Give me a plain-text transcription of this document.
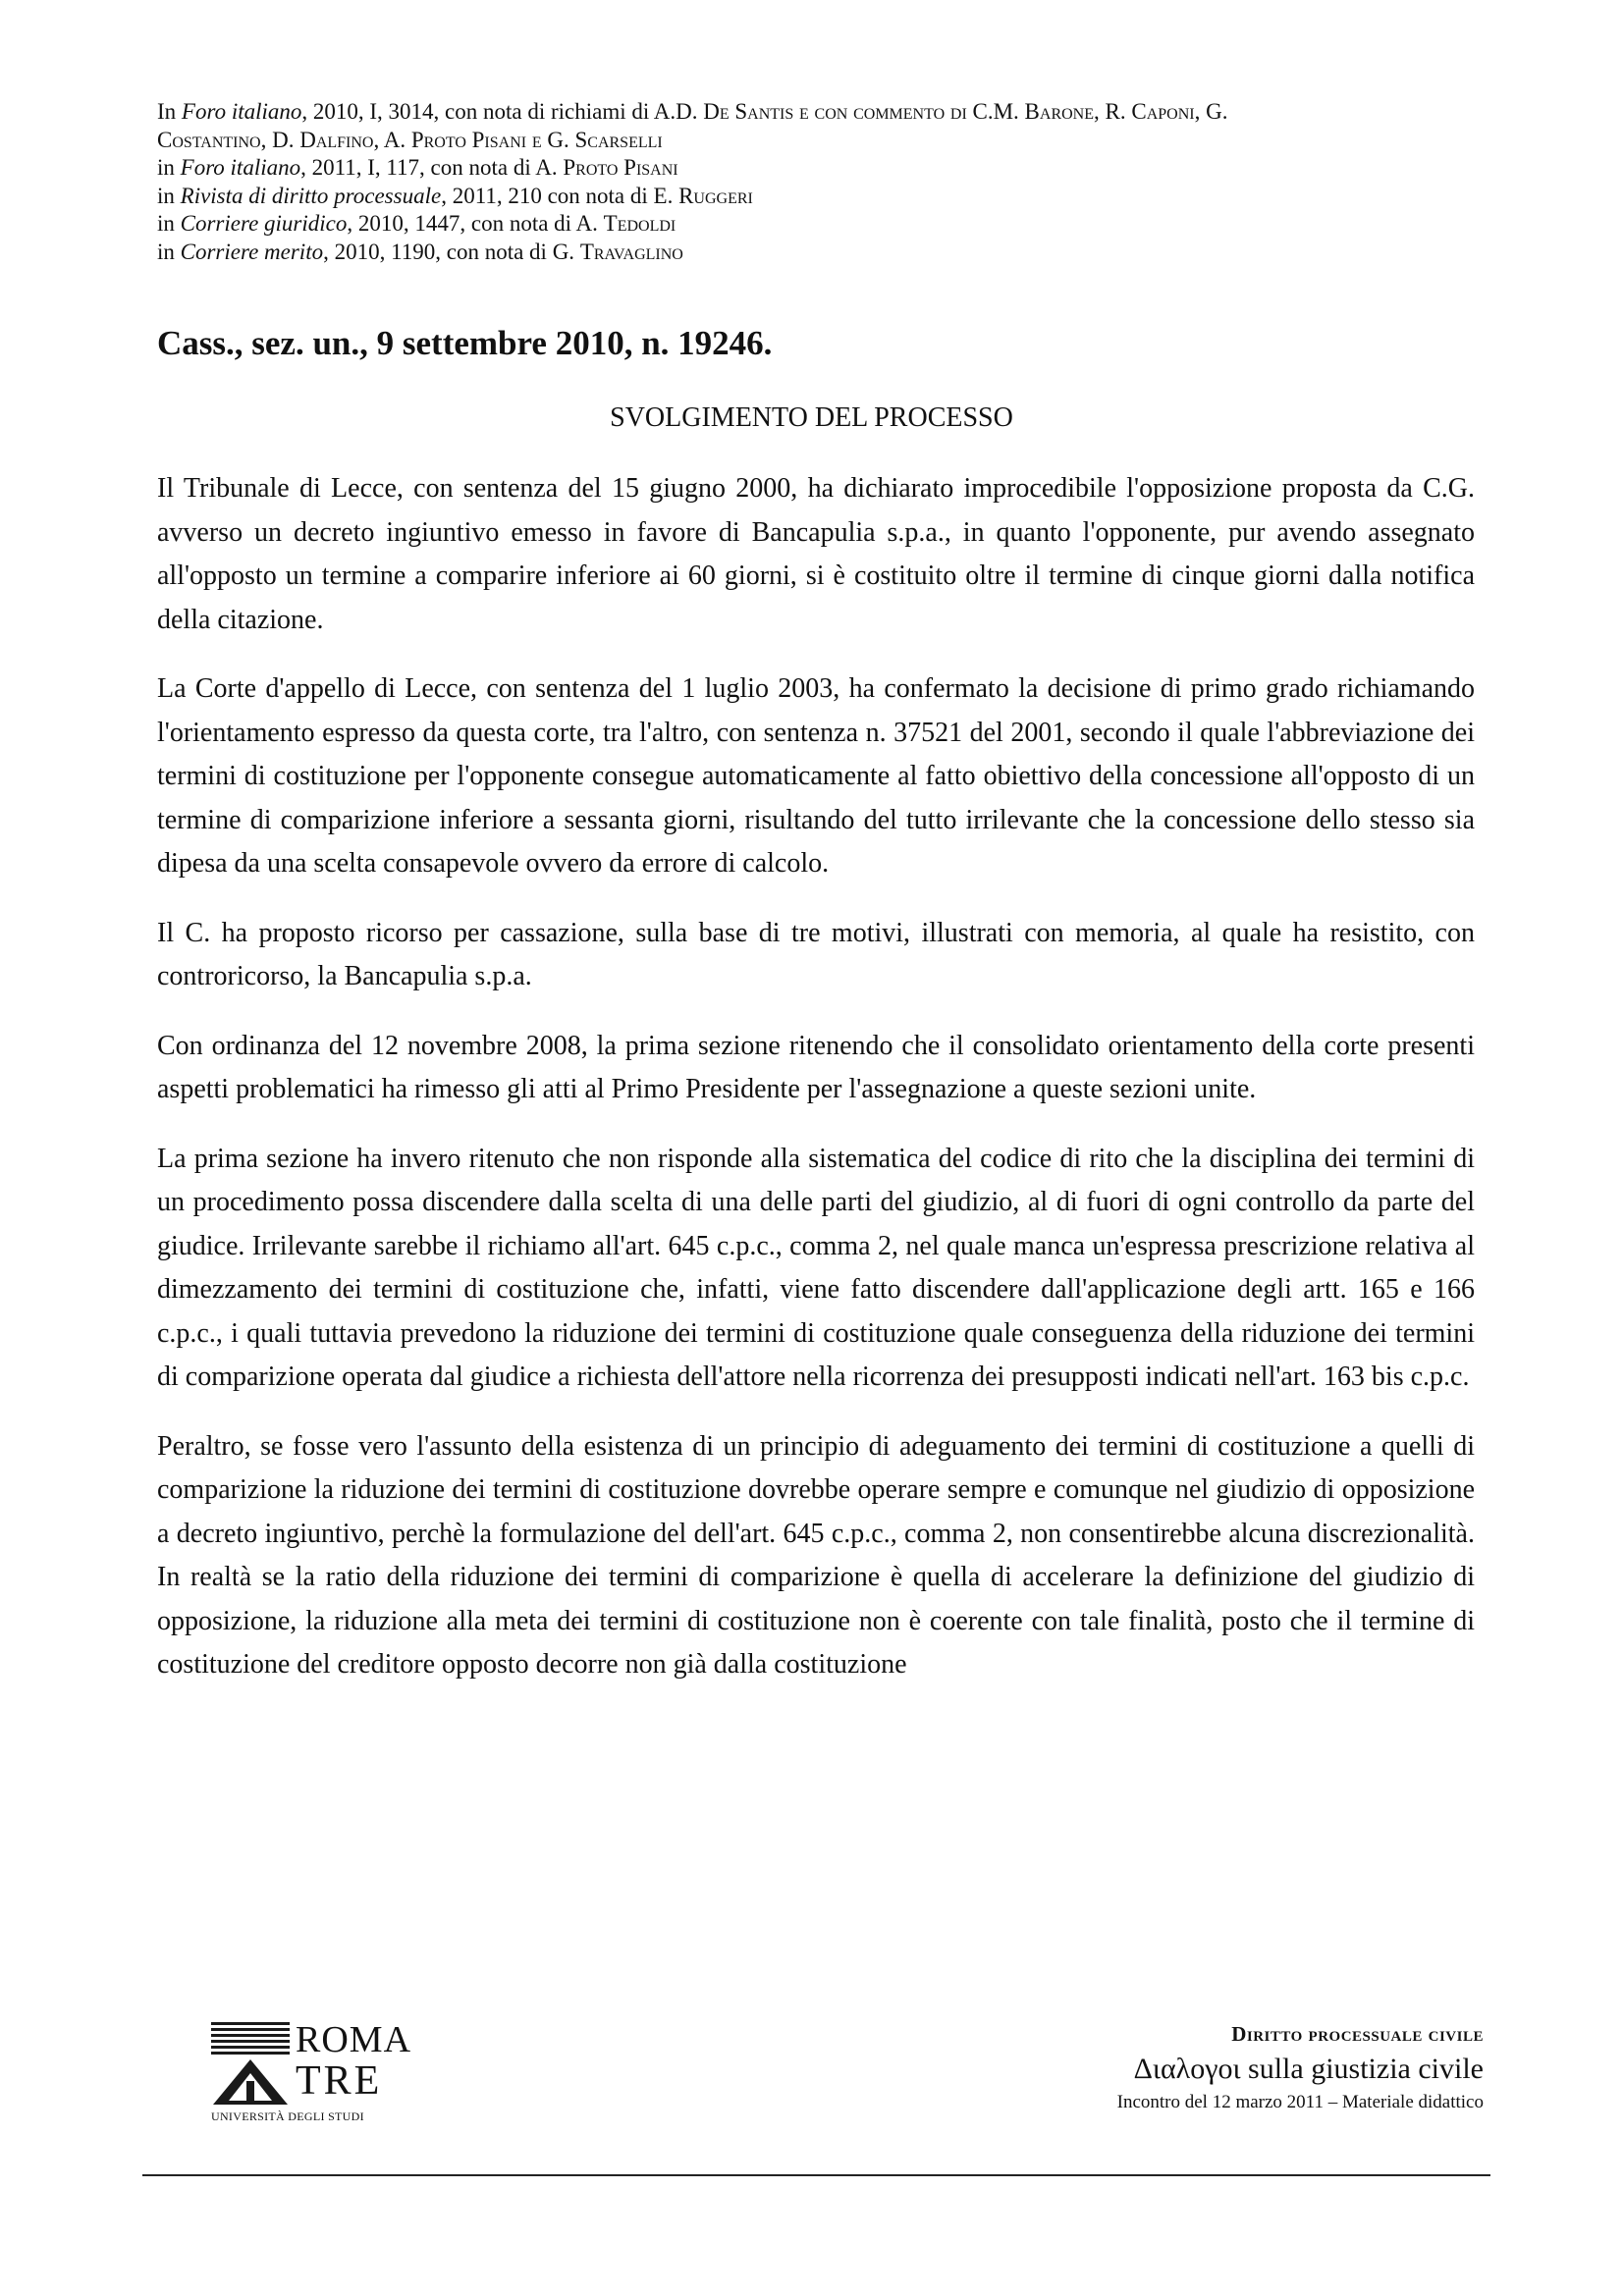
In Foro italiano, 2010, I, 3014, con nota di richiami di A.D. De Santis e con commento di C.M. Barone, R. Caponi, G.
Costantino, D. Dalfino, A. Proto Pisani e G. Scarselli
in Foro italiano, 2011, I, 117, con nota di A. Proto Pisani
in Rivista di diritto processuale, 2011, 210 con nota di E. Ruggeri
in Corriere giuridico, 2010, 1447, con nota di A. Tedoldi
in Corriere merito, 2010, 1190, con nota di G. Travaglino
Cass., sez. un., 9 settembre 2010, n. 19246.
SVOLGIMENTO DEL PROCESSO

Il Tribunale di Lecce, con sentenza del 15 giugno 2000, ha dichiarato improcedibile l'opposizione proposta da C.G. avverso un decreto ingiuntivo emesso in favore di Bancapulia s.p.a., in quanto l'opponente, pur avendo assegnato all'opposto un termine a comparire inferiore ai 60 giorni, si è costituito oltre il termine di cinque giorni dalla notifica della citazione.

La Corte d'appello di Lecce, con sentenza del 1 luglio 2003, ha confermato la decisione di primo grado richiamando l'orientamento espresso da questa corte, tra l'altro, con sentenza n. 37521 del 2001, secondo il quale l'abbreviazione dei termini di costituzione per l'opponente consegue automaticamente al fatto obiettivo della concessione all'opposto di un termine di comparizione inferiore a sessanta giorni, risultando del tutto irrilevante che la concessione dello stesso sia dipesa da una scelta consapevole ovvero da errore di calcolo.

Il C. ha proposto ricorso per cassazione, sulla base di tre motivi, illustrati con memoria, al quale ha resistito, con controricorso, la Bancapulia s.p.a.

Con ordinanza del 12 novembre 2008, la prima sezione ritenendo che il consolidato orientamento della corte presenti aspetti problematici ha rimesso gli atti al Primo Presidente per l'assegnazione a queste sezioni unite.

La prima sezione ha invero ritenuto che non risponde alla sistematica del codice di rito che la disciplina dei termini di un procedimento possa discendere dalla scelta di una delle parti del giudizio, al di fuori di ogni controllo da parte del giudice. Irrilevante sarebbe il richiamo all'art. 645 c.p.c., comma 2, nel quale manca un'espressa prescrizione relativa al dimezzamento dei termini di costituzione che, infatti, viene fatto discendere dall'applicazione degli artt. 165 e 166 c.p.c., i quali tuttavia prevedono la riduzione dei termini di costituzione quale conseguenza della riduzione dei termini di comparizione operata dal giudice a richiesta dell'attore nella ricorrenza dei presupposti indicati nell'art. 163 bis c.p.c.

Peraltro, se fosse vero l'assunto della esistenza di un principio di adeguamento dei termini di costituzione a quelli di comparizione la riduzione dei termini di costituzione dovrebbe operare sempre e comunque nel giudizio di opposizione a decreto ingiuntivo, perchè la formulazione del dell'art. 645 c.p.c., comma 2, non consentirebbe alcuna discrezionalità. In realtà se la ratio della riduzione dei termini di comparizione è quella di accelerare la definizione del giudizio di opposizione, la riduzione alla meta dei termini di costituzione non è coerente con tale finalità, posto che il termine di costituzione del creditore opposto decorre non già dalla costituzione

ROMA
TRE
UNIVERSITÀ DEGLI STUDI
Diritto processuale civile
Διαλογοι sulla giustizia civile
Incontro del 12 marzo 2011 – Materiale didattico
